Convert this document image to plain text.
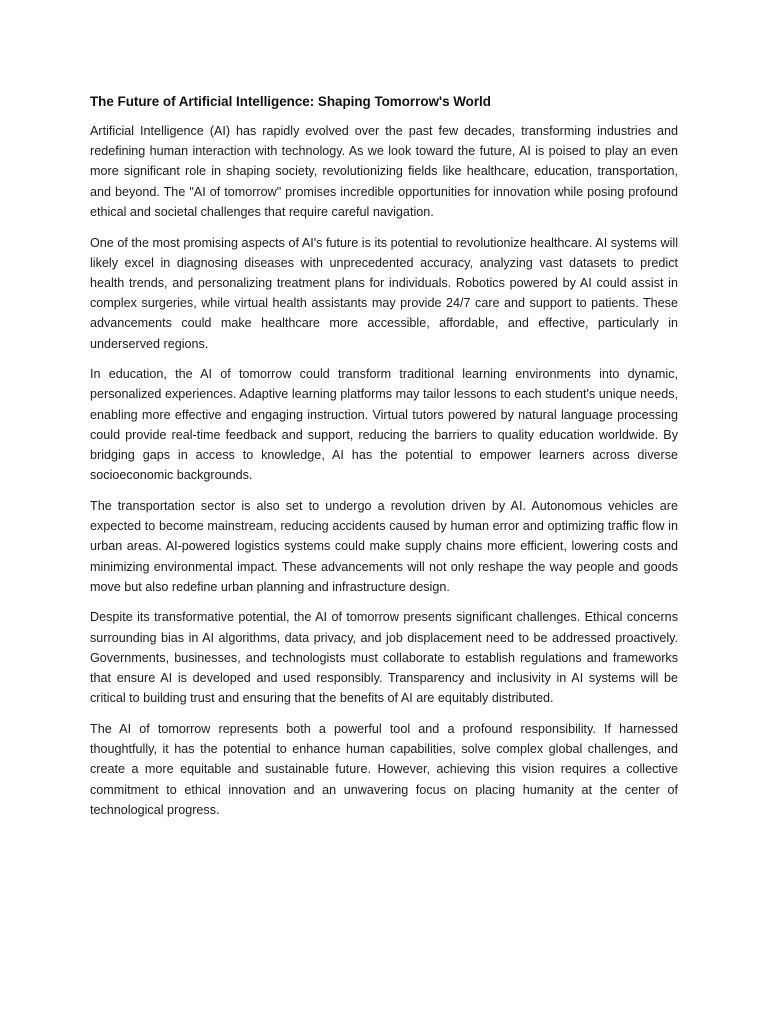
The Future of Artificial Intelligence: Shaping Tomorrow's World

Artificial Intelligence (AI) has rapidly evolved over the past few decades, transforming industries and redefining human interaction with technology. As we look toward the future, AI is poised to play an even more significant role in shaping society, revolutionizing fields like healthcare, education, transportation, and beyond. The "AI of tomorrow" promises incredible opportunities for innovation while posing profound ethical and societal challenges that require careful navigation.

One of the most promising aspects of AI's future is its potential to revolutionize healthcare. AI systems will likely excel in diagnosing diseases with unprecedented accuracy, analyzing vast datasets to predict health trends, and personalizing treatment plans for individuals. Robotics powered by AI could assist in complex surgeries, while virtual health assistants may provide 24/7 care and support to patients. These advancements could make healthcare more accessible, affordable, and effective, particularly in underserved regions.

In education, the AI of tomorrow could transform traditional learning environments into dynamic, personalized experiences. Adaptive learning platforms may tailor lessons to each student's unique needs, enabling more effective and engaging instruction. Virtual tutors powered by natural language processing could provide real-time feedback and support, reducing the barriers to quality education worldwide. By bridging gaps in access to knowledge, AI has the potential to empower learners across diverse socioeconomic backgrounds.

The transportation sector is also set to undergo a revolution driven by AI. Autonomous vehicles are expected to become mainstream, reducing accidents caused by human error and optimizing traffic flow in urban areas. AI-powered logistics systems could make supply chains more efficient, lowering costs and minimizing environmental impact. These advancements will not only reshape the way people and goods move but also redefine urban planning and infrastructure design.

Despite its transformative potential, the AI of tomorrow presents significant challenges. Ethical concerns surrounding bias in AI algorithms, data privacy, and job displacement need to be addressed proactively. Governments, businesses, and technologists must collaborate to establish regulations and frameworks that ensure AI is developed and used responsibly. Transparency and inclusivity in AI systems will be critical to building trust and ensuring that the benefits of AI are equitably distributed.

The AI of tomorrow represents both a powerful tool and a profound responsibility. If harnessed thoughtfully, it has the potential to enhance human capabilities, solve complex global challenges, and create a more equitable and sustainable future. However, achieving this vision requires a collective commitment to ethical innovation and an unwavering focus on placing humanity at the center of technological progress.
